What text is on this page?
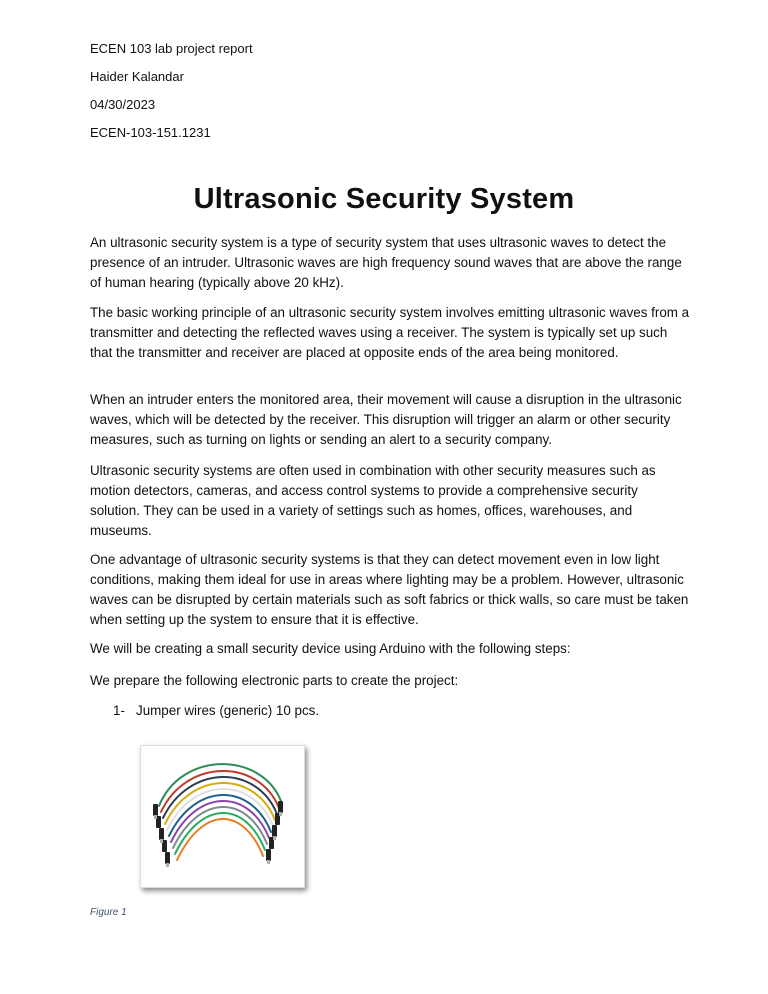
ECEN 103 lab project report
Haider Kalandar
04/30/2023
ECEN-103-151.1231
Ultrasonic Security System
An ultrasonic security system is a type of security system that uses ultrasonic waves to detect the presence of an intruder. Ultrasonic waves are high frequency sound waves that are above the range of human hearing (typically above 20 kHz).
The basic working principle of an ultrasonic security system involves emitting ultrasonic waves from a transmitter and detecting the reflected waves using a receiver. The system is typically set up such that the transmitter and receiver are placed at opposite ends of the area being monitored.
When an intruder enters the monitored area, their movement will cause a disruption in the ultrasonic waves, which will be detected by the receiver. This disruption will trigger an alarm or other security measures, such as turning on lights or sending an alert to a security company.
Ultrasonic security systems are often used in combination with other security measures such as motion detectors, cameras, and access control systems to provide a comprehensive security solution. They can be used in a variety of settings such as homes, offices, warehouses, and museums.
One advantage of ultrasonic security systems is that they can detect movement even in low light conditions, making them ideal for use in areas where lighting may be a problem. However, ultrasonic waves can be disrupted by certain materials such as soft fabrics or thick walls, so care must be taken when setting up the system to ensure that it is effective.
We will be creating a small security device using Arduino with the following steps:
We prepare the following electronic parts to create the project:
1- Jumper wires (generic) 10 pcs.
Figure 1
